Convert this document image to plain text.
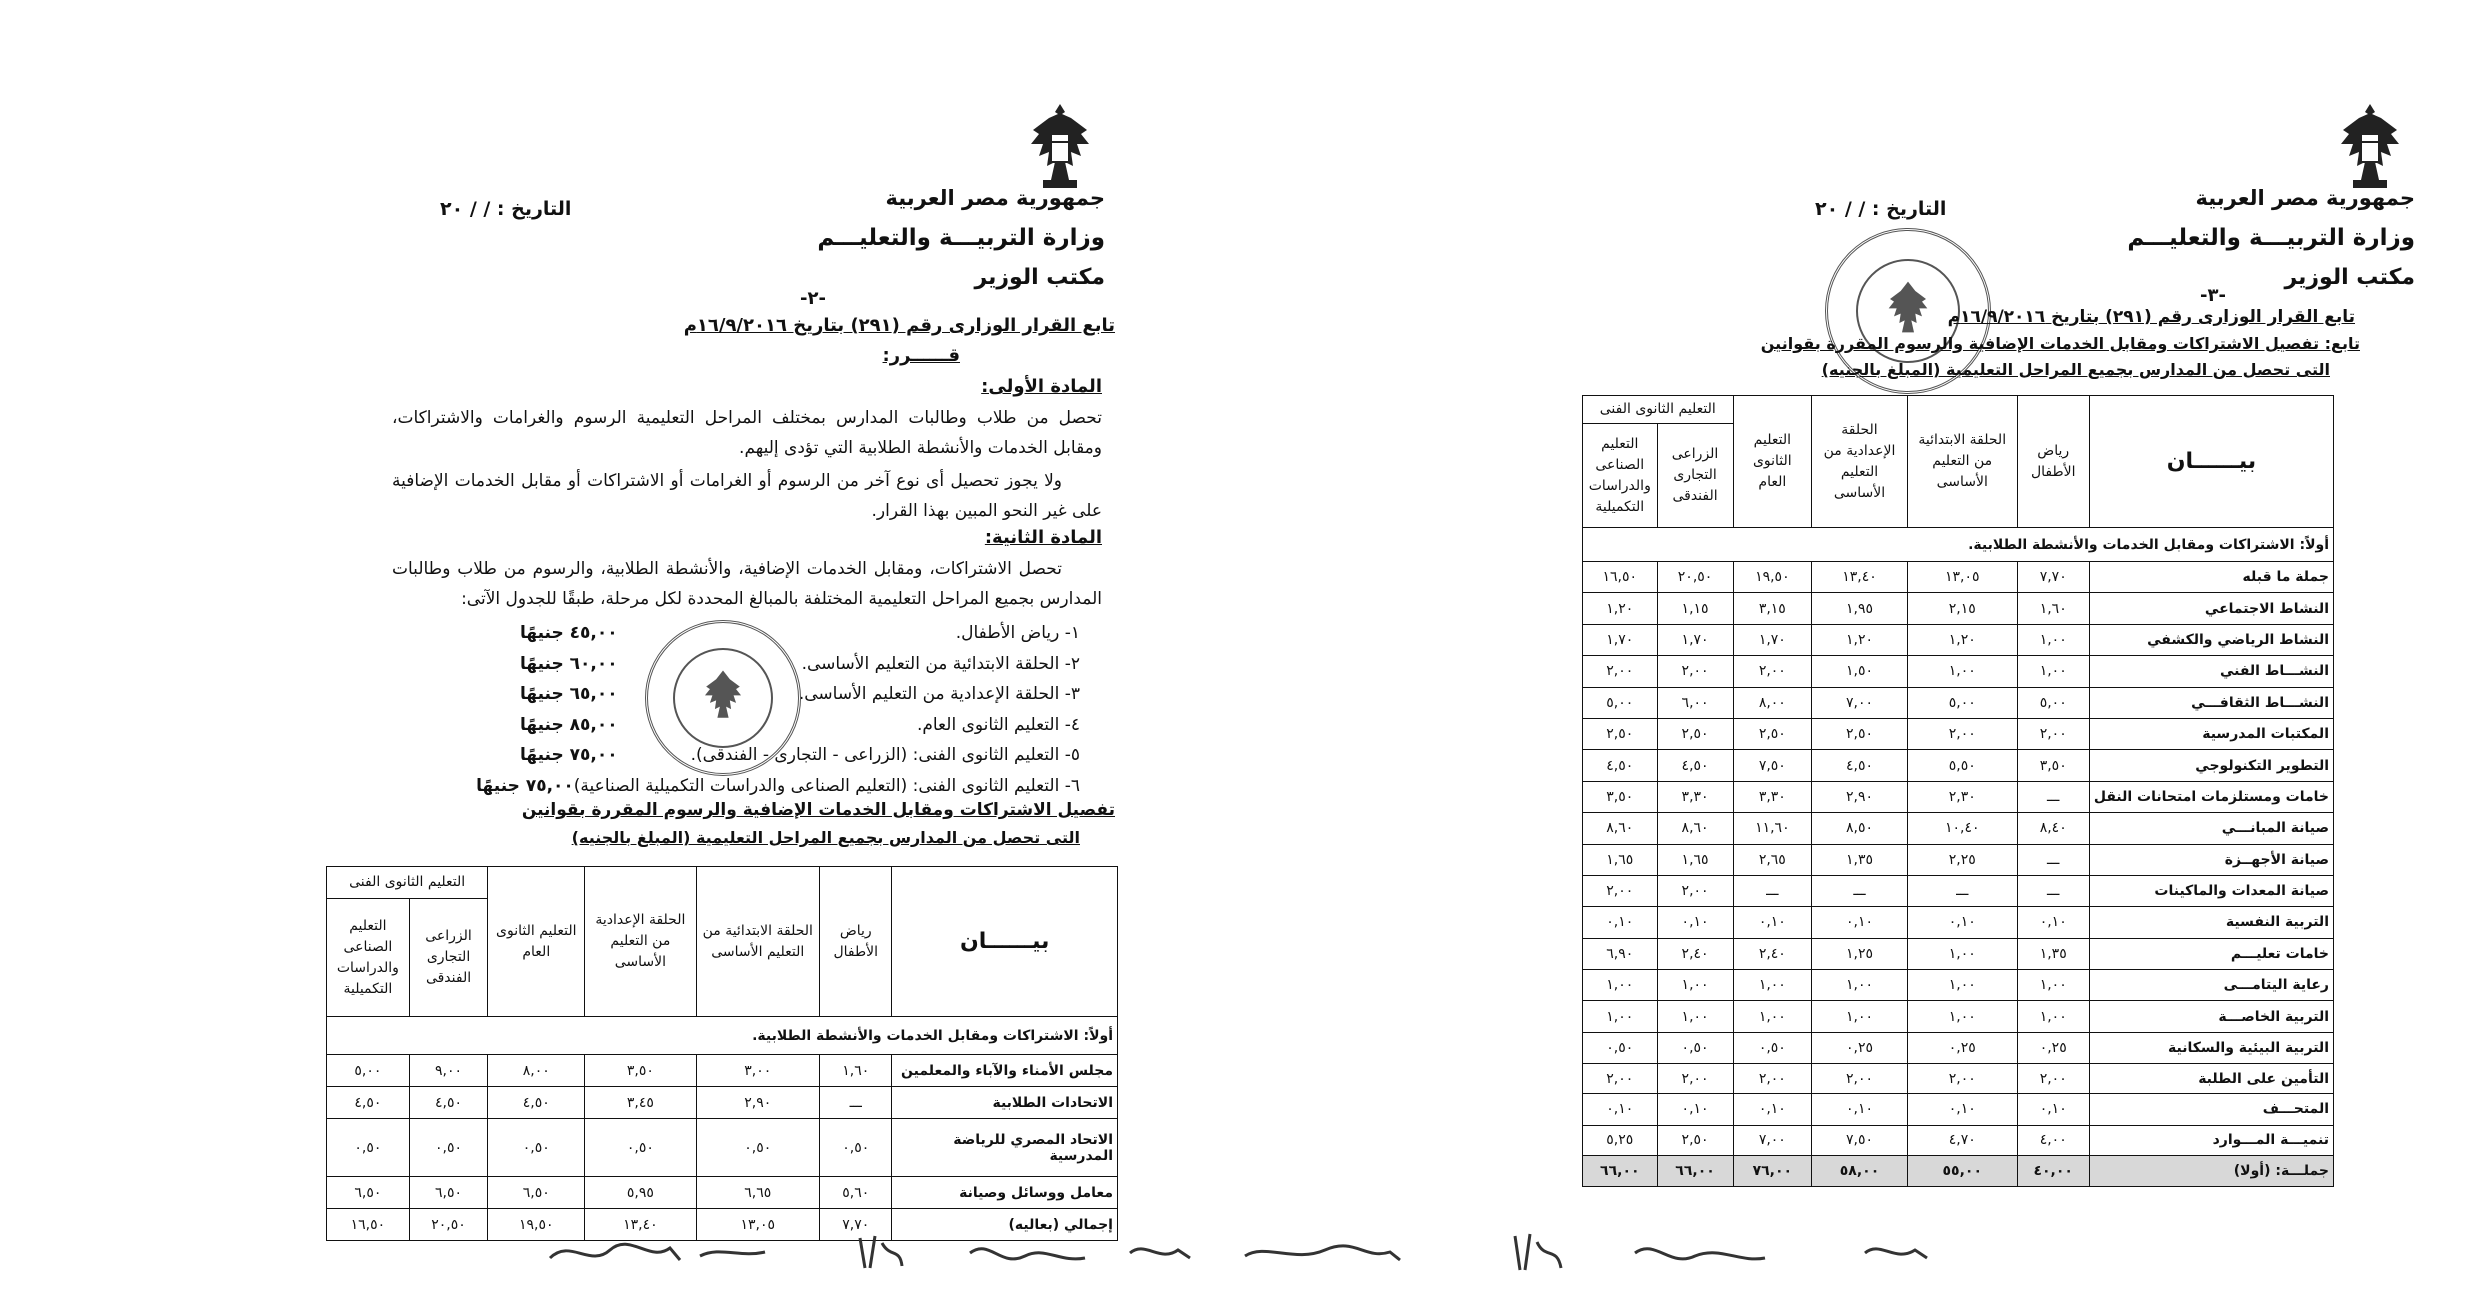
جمهورية مصر العربية
وزارة التربيـــة والتعليـــم
مكتب الوزير
التاريخ : / / ٢٠
-٢-
تابع القرار الوزارى رقم (٢٩١) بتاريخ ١٦/٩/٢٠١٦م
قــــــرر:
المادة الأولى:
تحصل من طلاب وطالبات المدارس بمختلف المراحل التعليمية الرسوم والغرامات والاشتراكات، ومقابل الخدمات والأنشطة الطلابية التي تؤدى إليهم.
ولا يجوز تحصيل أى نوع آخر من الرسوم أو الغرامات أو الاشتراكات أو مقابل الخدمات الإضافية على غير النحو المبين بهذا القرار.
المادة الثانية:
تحصل الاشتراكات، ومقابل الخدمات الإضافية، والأنشطة الطلابية، والرسوم من طلاب وطالبات المدارس بجميع المراحل التعليمية المختلفة بالمبالغ المحددة لكل مرحلة، طبقًا للجدول الآتى:
١- رياض الأطفال.
٤٥,٠٠ جنيهًا
٢- الحلقة الابتدائية من التعليم الأساسى.
٦٠,٠٠ جنيهًا
٣- الحلقة الإعدادية من التعليم الأساسى.
٦٥,٠٠ جنيهًا
٤- التعليم الثانوى العام.
٨٥,٠٠ جنيهًا
٥- التعليم الثانوى الفنى: (الزراعى - التجارى - الفندقى).
٧٥,٠٠ جنيهًا
٦- التعليم الثانوى الفنى: (التعليم الصناعى والدراسات التكميلية الصناعية)
٧٥,٠٠ جنيهًا
تفصيل الاشتراكات ومقابل الخدمات الإضافية والرسوم المقررة بقوانين
التى تحصل من المدارس بجميع المراحل التعليمية (المبلغ بالجنيه)
بيــــــان	رياض الأطفال	الحلقة الابتدائية من التعليم الأساسى	الحلقة الإعدادية من التعليم الأساسى	التعليم الثانوى العام	التعليم الثانوى الفنى	
					الزراعى التجارى الفندقى	التعليم الصناعى والدراسات التكميلية
أولاً: الاشتراكات ومقابل الخدمات والأنشطة الطلابية.						
مجلس الأمناء والآباء والمعلمين	١,٦٠	٣,٠٠	٣,٥٠	٨,٠٠	٩,٠٠	٥,٠٠
الاتحادات الطلابية	ـــ	٢,٩٠	٣,٤٥	٤,٥٠	٤,٥٠	٤,٥٠
الاتحاد المصري للرياضة المدرسية	٠,٥٠	٠,٥٠	٠,٥٠	٠,٥٠	٠,٥٠	٠,٥٠
معامل ووسائل وصيانة	٥,٦٠	٦,٦٥	٥,٩٥	٦,٥٠	٦,٥٠	٦,٥٠
إجمالي (بعاليه)	٧,٧٠	١٣,٠٥	١٣,٤٠	١٩,٥٠	٢٠,٥٠	١٦,٥٠
جمهورية مصر العربية
وزارة التربيـــة والتعليـــم
مكتب الوزير
التاريخ : / / ٢٠
-٣-
تابع القرار الوزارى رقم (٢٩١) بتاريخ ١٦/٩/٢٠١٦م
تابع: تفصيل الاشتراكات ومقابل الخدمات الإضافية والرسوم المقررة بقوانين
التى تحصل من المدارس بجميع المراحل التعليمية (المبلغ بالجنيه)
بيــــــان	رياض الأطفال	الحلقة الابتدائية من التعليم الأساسى	الحلقة الإعدادية من التعليم الأساسى	التعليم الثانوى العام	التعليم الثانوى الفنى	
					الزراعى التجارى الفندقى	التعليم الصناعى والدراسات التكميلية
أولاً: الاشتراكات ومقابل الخدمات والأنشطة الطلابية.						
جملة ما قبله	٧,٧٠	١٣,٠٥	١٣,٤٠	١٩,٥٠	٢٠,٥٠	١٦,٥٠
النشاط الاجتماعي	١,٦٠	٢,١٥	١,٩٥	٣,١٥	١,١٥	١,٢٠
النشاط الرياضي والكشفي	١,٠٠	١,٢٠	١,٢٠	١,٧٠	١,٧٠	١,٧٠
النشـــاط الفني	١,٠٠	١,٠٠	١,٥٠	٢,٠٠	٢,٠٠	٢,٠٠
النشـــاط الثقافـــي	٥,٠٠	٥,٠٠	٧,٠٠	٨,٠٠	٦,٠٠	٥,٠٠
المكتبات المدرسية	٢,٠٠	٢,٠٠	٢,٥٠	٢,٥٠	٢,٥٠	٢,٥٠
التطوير التكنولوجي	٣,٥٠	٥,٥٠	٤,٥٠	٧,٥٠	٤,٥٠	٤,٥٠
خامات ومستلزمات امتحانات النقل	ـــ	٢,٣٠	٢,٩٠	٣,٣٠	٣,٣٠	٣,٥٠
صيانة المبانـــي	٨,٤٠	١٠,٤٠	٨,٥٠	١١,٦٠	٨,٦٠	٨,٦٠
صيانة الأجهــزة	ـــ	٢,٢٥	١,٣٥	٢,٦٥	١,٦٥	١,٦٥
صيانة المعدات والماكينات	ـــ	ـــ	ـــ	ـــ	٢,٠٠	٢,٠٠
التربية النفسية	٠,١٠	٠,١٠	٠,١٠	٠,١٠	٠,١٠	٠,١٠
خامات تعليـــم	١,٣٥	١,٠٠	١,٢٥	٢,٤٠	٢,٤٠	٦,٩٠
رعاية اليتامـــى	١,٠٠	١,٠٠	١,٠٠	١,٠٠	١,٠٠	١,٠٠
التربية الخاصـــة	١,٠٠	١,٠٠	١,٠٠	١,٠٠	١,٠٠	١,٠٠
التربية البيئية والسكانية	٠,٢٥	٠,٢٥	٠,٢٥	٠,٥٠	٠,٥٠	٠,٥٠
التأمين على الطلبة	٢,٠٠	٢,٠٠	٢,٠٠	٢,٠٠	٢,٠٠	٢,٠٠
المتحـــف	٠,١٠	٠,١٠	٠,١٠	٠,١٠	٠,١٠	٠,١٠
تنميـــة المـــوارد	٤,٠٠	٤,٧٠	٧,٥٠	٧,٠٠	٢,٥٠	٥,٢٥
جملـــة: (أولا)	٤٠,٠٠	٥٥,٠٠	٥٨,٠٠	٧٦,٠٠	٦٦,٠٠	٦٦,٠٠
